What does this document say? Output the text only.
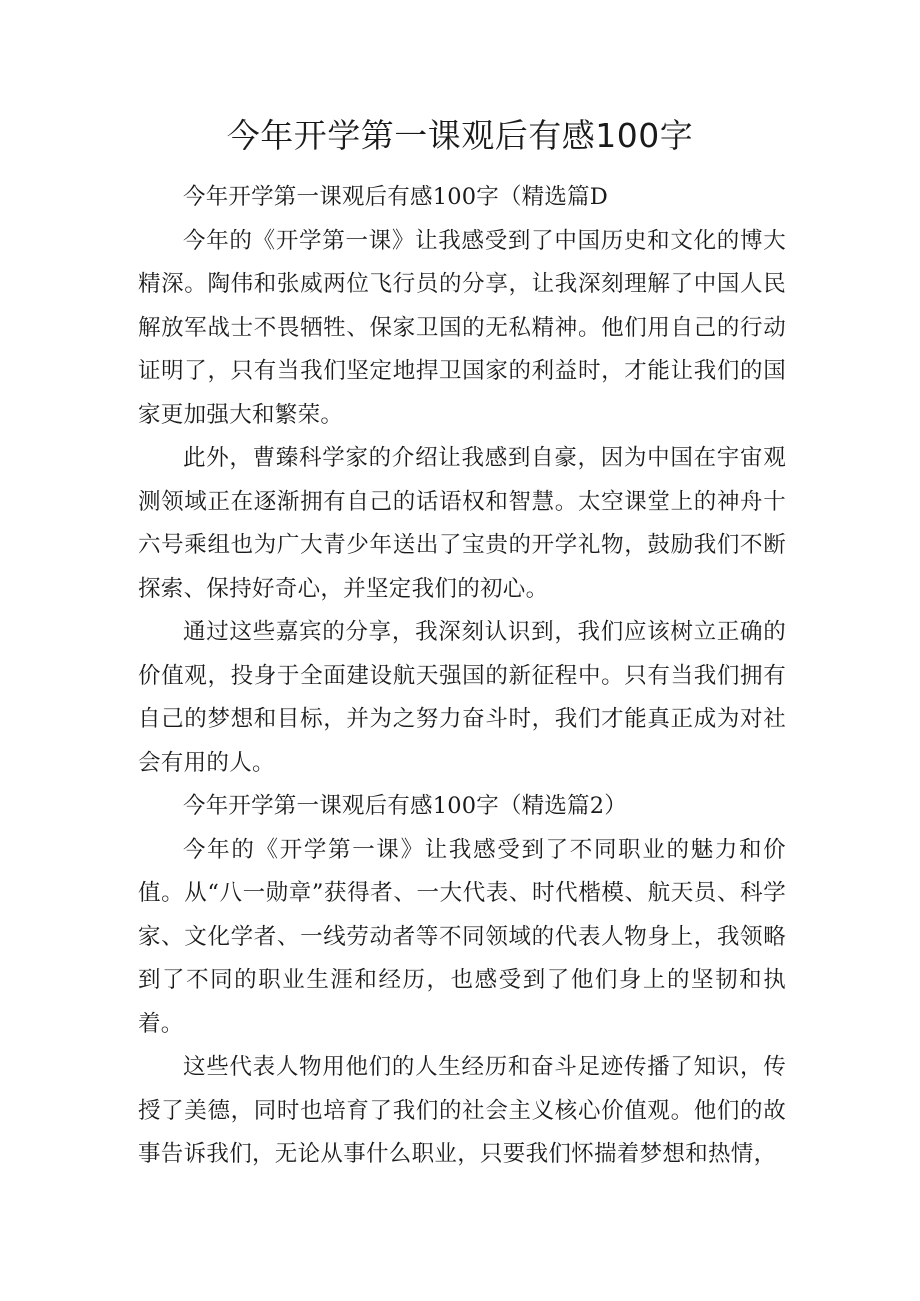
今年开学第一课观后有感100字

今年开学第一课观后有感100字（精选篇D

今年的《开学第一课》让我感受到了中国历史和文化的博大精深。陶伟和张威两位飞行员的分享，让我深刻理解了中国人民解放军战士不畏牺牲、保家卫国的无私精神。他们用自己的行动证明了，只有当我们坚定地捍卫国家的利益时，才能让我们的国家更加强大和繁荣。

此外，曹臻科学家的介绍让我感到自豪，因为中国在宇宙观测领域正在逐渐拥有自己的话语权和智慧。太空课堂上的神舟十六号乘组也为广大青少年送出了宝贵的开学礼物，鼓励我们不断探索、保持好奇心，并坚定我们的初心。

通过这些嘉宾的分享，我深刻认识到，我们应该树立正确的价值观，投身于全面建设航天强国的新征程中。只有当我们拥有自己的梦想和目标，并为之努力奋斗时，我们才能真正成为对社会有用的人。

今年开学第一课观后有感100字（精选篇2）

今年的《开学第一课》让我感受到了不同职业的魅力和价值。从“八一勋章”获得者、一大代表、时代楷模、航天员、科学家、文化学者、一线劳动者等不同领域的代表人物身上，我领略到了不同的职业生涯和经历，也感受到了他们身上的坚韧和执着。

这些代表人物用他们的人生经历和奋斗足迹传播了知识，传授了美德，同时也培育了我们的社会主义核心价值观。他们的故事告诉我们，无论从事什么职业，只要我们怀揣着梦想和热情，
